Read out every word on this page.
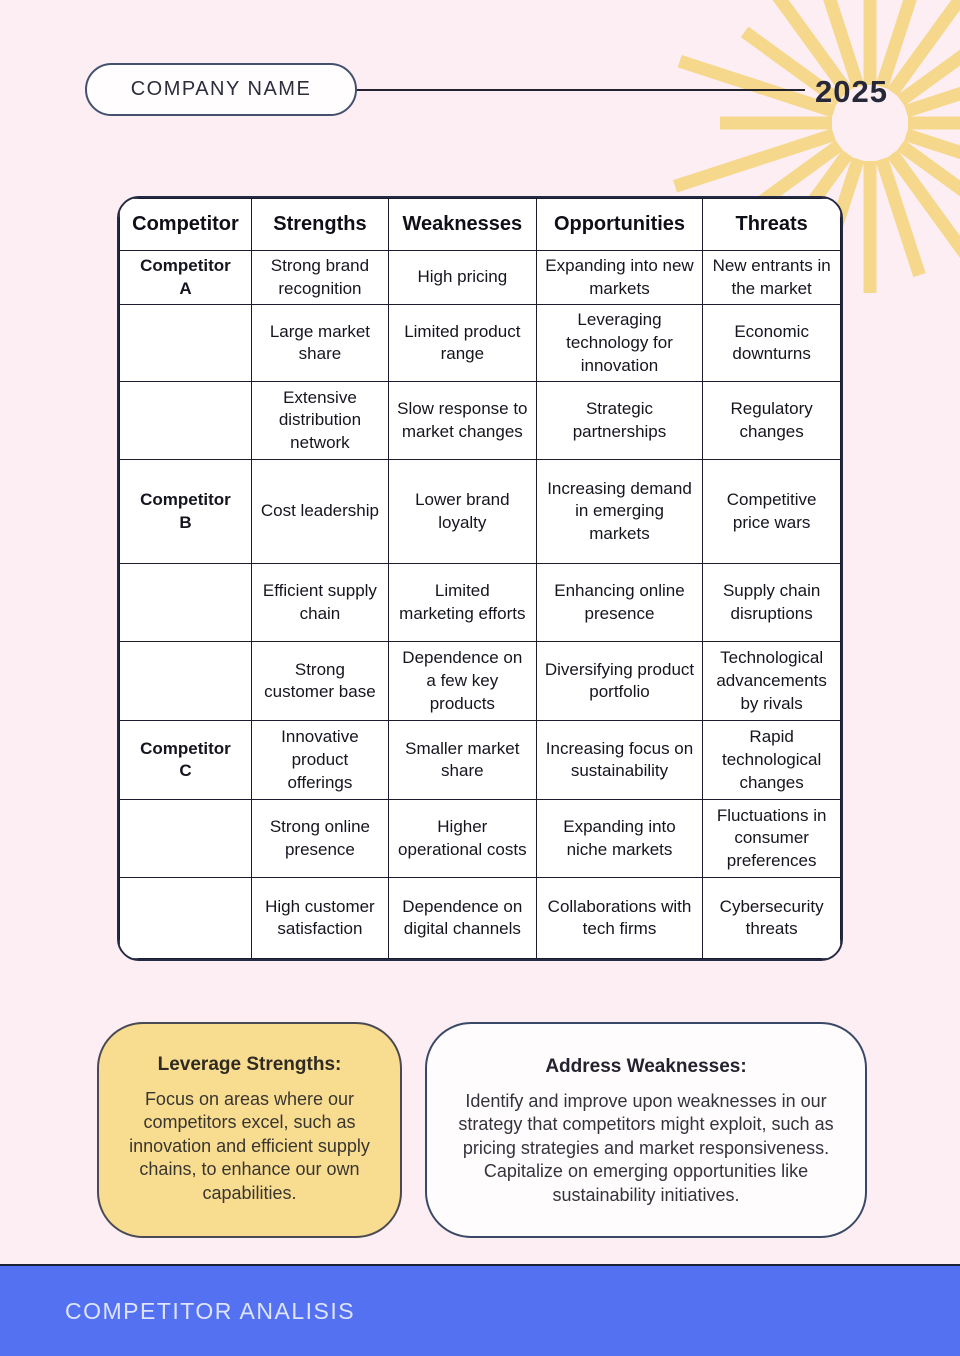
COMPANY NAME	2025
Competitor	Strengths	Weaknesses	Opportunities	Threats
Competitor A	Strong brand recognition	High pricing	Expanding into new markets	New entrants in the market
	Large market share	Limited product range	Leveraging technology for innovation	Economic downturns
	Extensive distribution network	Slow response to market changes	Strategic partnerships	Regulatory changes
Competitor B	Cost leadership	Lower brand loyalty	Increasing demand in emerging markets	Competitive price wars
	Efficient supply chain	Limited marketing efforts	Enhancing online presence	Supply chain disruptions
	Strong customer base	Dependence on a few key products	Diversifying product portfolio	Technological advancements by rivals
Competitor C	Innovative product offerings	Smaller market share	Increasing focus on sustainability	Rapid technological changes
	Strong online presence	Higher operational costs	Expanding into niche markets	Fluctuations in consumer preferences
	High customer satisfaction	Dependence on digital channels	Collaborations with tech firms	Cybersecurity threats
Leverage Strengths:
Focus on areas where our competitors excel, such as innovation and efficient supply chains, to enhance our own capabilities.
Address Weaknesses:
Identify and improve upon weaknesses in our strategy that competitors might exploit, such as pricing strategies and market responsiveness. Capitalize on emerging opportunities like sustainability initiatives.
COMPETITOR ANALISIS
